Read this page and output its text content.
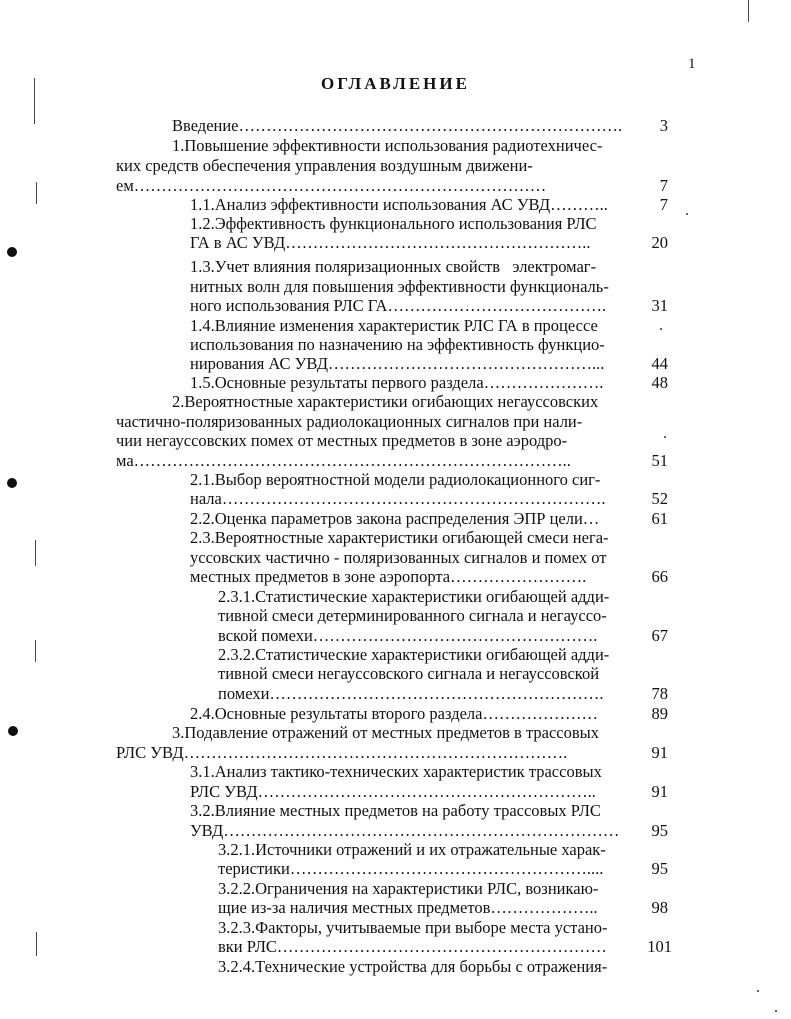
1
ОГЛАВЛЕНИЕ
Введение…………………………………………………………….	3
1.Повышение эффективности использования радиотехничес-
ких средств обеспечения управления воздушным движени-
ем…………………………………………………………………	7
1.1.Анализ эффективности использования АС УВД………..	7
1.2.Эффективность функционального использования РЛС
ГА в АС УВД………………………………………………..	20
1.3.Учет влияния поляризационных свойств   электромаг-
нитных волн для повышения эффективности функциональ-
ного использования РЛС ГА………………………………….	31
1.4.Влияние изменения характеристик РЛС ГА в процессе
использования по назначению на эффективность функцио-
нирования АС УВД…………………………………………...	44
1.5.Основные результаты первого раздела………………….	48
2.Вероятностные характеристики огибающих негауссовских
частично-поляризованных радиолокационных сигналов при нали-
чии негауссовских помех от местных предметов в зоне аэродро-
ма……………………………………………………………………..	51
2.1.Выбор вероятностной модели радиолокационного сиг-
нала…………………………………………………………….	52
2.2.Оценка параметров закона распределения ЭПР цели…	61
2.3.Вероятностные характеристики огибающей смеси нега-
уссовских частично - поляризованных сигналов и помех от
местных предметов в зоне аэропорта…………………….	66
2.3.1.Статистические характеристики огибающей адди-
тивной смеси детерминированного сигнала и негауссо-
вской помехи…………………………………………….	67
2.3.2.Статистические характеристики огибающей адди-
тивной смеси негауссовского сигнала и негауссовской
помехи…………………………………………………….	78
2.4.Основные результаты второго раздела…………………	89
3.Подавление отражений от местных предметов в трассовых
РЛС УВД…………………………………………………………….	91
3.1.Анализ тактико-технических характеристик трассовых
РЛС УВД……………………………………………………..	91
3.2.Влияние местных предметов на работу трассовых РЛС
УВД………………………………………………………………	95
3.2.1.Источники отражений и их отражательные харак-
теристики………………………………………………....	95
3.2.2.Ограничения на характеристики РЛС, возникаю-
щие из-за наличия местных предметов………………..	98
3.2.3.Факторы, учитываемые при выборе места устано-
вки РЛС……………………………………………………	101
3.2.4.Технические устройства для борьбы с отражения-
